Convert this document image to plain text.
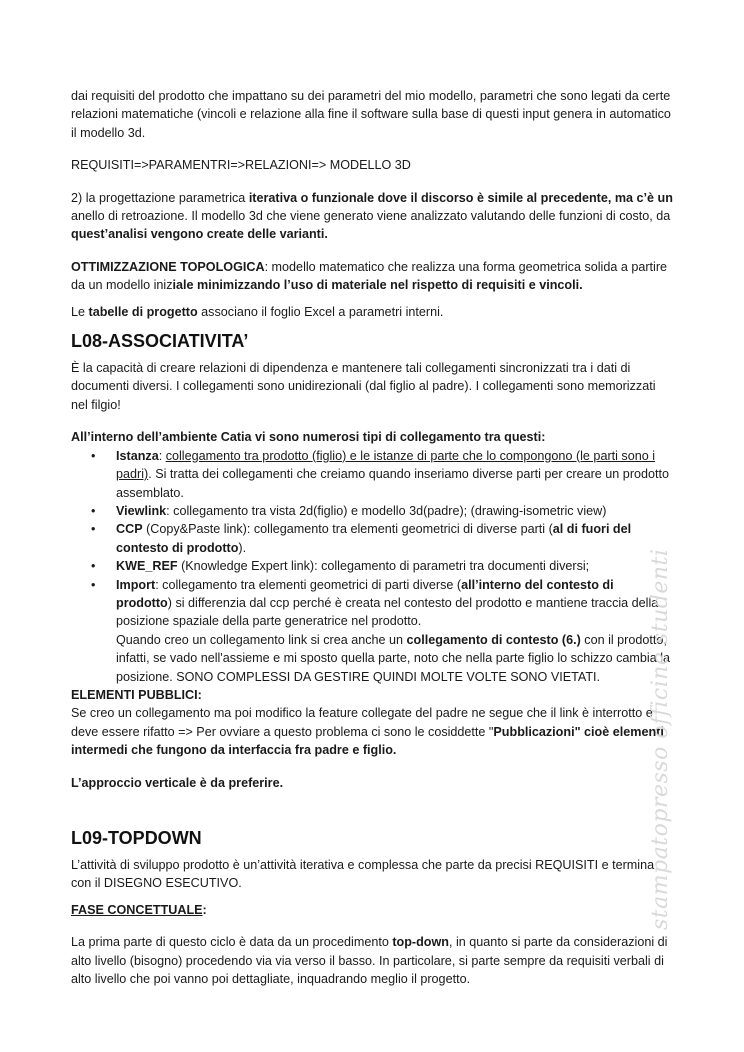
dai requisiti del prodotto che impattano su dei parametri del mio modello, parametri che sono legati da certe relazioni matematiche (vincoli e relazione alla fine il software sulla base di questi input genera in automatico il modello 3d.

REQUISITI=>PARAMENTRI=>RELAZIONI=> MODELLO 3D

2) la progettazione parametrica iterativa o funzionale dove il discorso è simile al precedente, ma c’è un anello di retroazione. Il modello 3d che viene generato viene analizzato valutando delle funzioni di costo, da quest’analisi vengono create delle varianti.

OTTIMIZZAZIONE TOPOLOGICA: modello matematico che realizza una forma geometrica solida a partire da un modello iniziale minimizzando l’uso di materiale nel rispetto di requisiti e vincoli.

Le tabelle di progetto associano il foglio Excel a parametri interni.

L08-ASSOCIATIVITA’

È la capacità di creare relazioni di dipendenza e mantenere tali collegamenti sincronizzati tra i dati di documenti diversi. I collegamenti sono unidirezionali (dal figlio al padre). I collegamenti sono memorizzati nel filgio!

All’interno dell’ambiente Catia vi sono numerosi tipi di collegamento tra questi:

• Istanza: collegamento tra prodotto (figlio) e le istanze di parte che lo compongono (le parti sono i padri). Si tratta dei collegamenti che creiamo quando inseriamo diverse parti per creare un prodotto assemblato.
• Viewlink: collegamento tra vista 2d(figlio) e modello 3d(padre); (drawing-isometric view)
• CCP (Copy&Paste link): collegamento tra elementi geometrici di diverse parti (al di fuori del contesto di prodotto).
• KWE_REF (Knowledge Expert link): collegamento di parametri tra documenti diversi;
• Import: collegamento tra elementi geometrici di parti diverse (all’interno del contesto di prodotto) si differenzia dal ccp perché è creata nel contesto del prodotto e mantiene traccia della posizione spaziale della parte generatrice nel prodotto.
Quando creo un collegamento link si crea anche un collegamento di contesto (6.) con il prodotto, infatti, se vado nell'assieme e mi sposto quella parte, noto che nella parte figlio lo schizzo cambia la posizione. SONO COMPLESSI DA GESTIRE QUINDI MOLTE VOLTE SONO VIETATI.

ELEMENTI PUBBLICI:

Se creo un collegamento ma poi modifico la feature collegate del padre ne segue che il link è interrotto e deve essere rifatto => Per ovviare a questo problema ci sono le cosiddette "Pubblicazioni" cioè elementi intermedi che fungono da interfaccia fra padre e figlio.

L’approccio verticale è da preferire.

L09-TOPDOWN

L’attività di sviluppo prodotto è un’attività iterativa e complessa che parte da precisi REQUISITI e termina con il DISEGNO ESECUTIVO.

FASE CONCETTUALE:

La prima parte di questo ciclo è data da un procedimento top-down, in quanto si parte da considerazioni di alto livello (bisogno) procedendo via via verso il basso. In particolare, si parte sempre da requisiti verbali di alto livello che poi vanno poi dettagliate, inquadrando meglio il progetto.

stampatopresso officine studenti
